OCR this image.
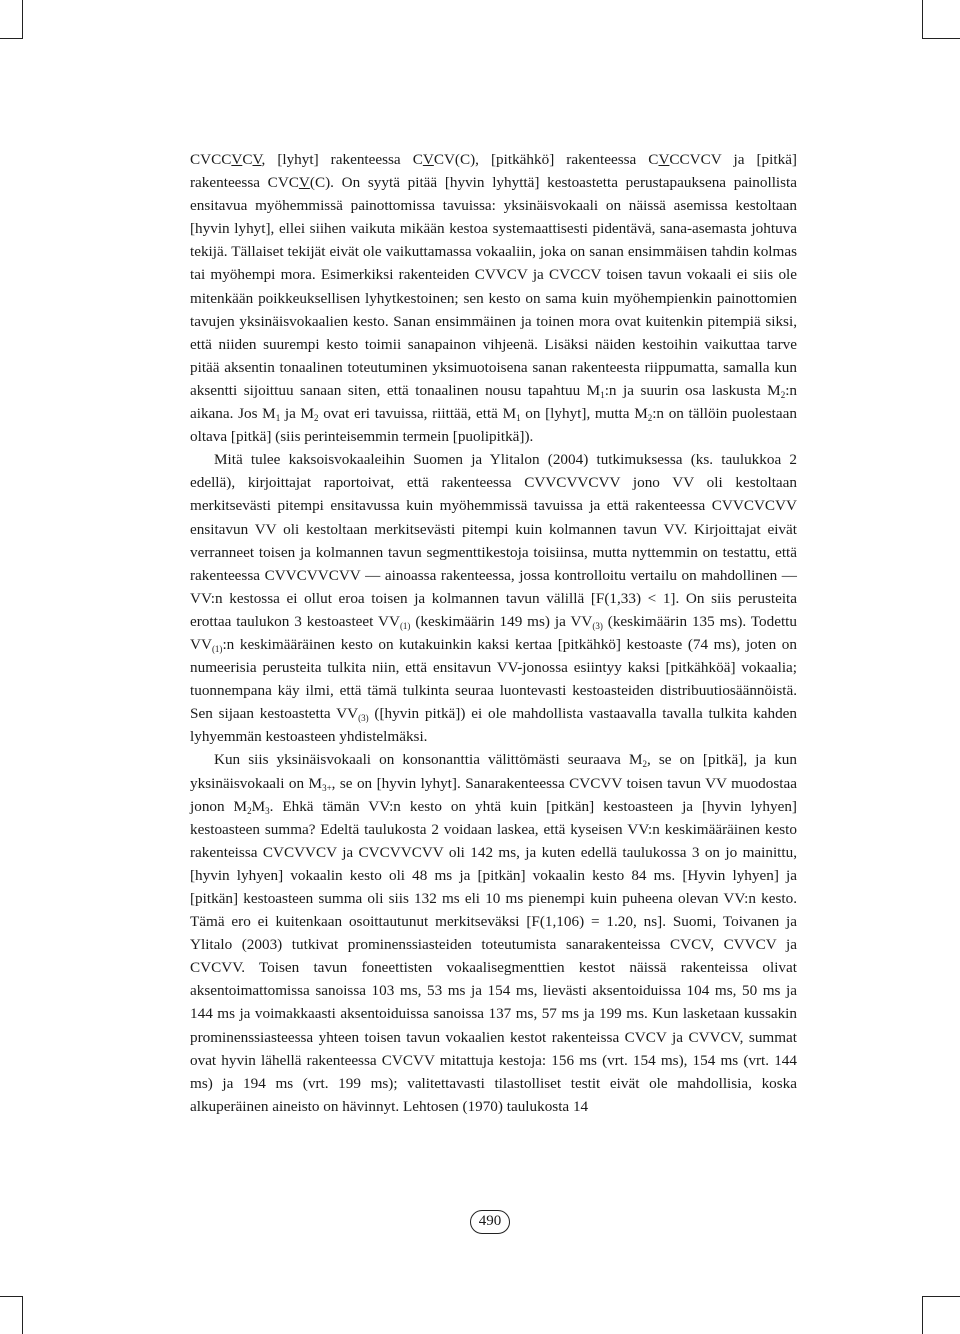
CVCCVCV, [lyhyt] rakenteessa CVCV(C), [pitkähkö] rakenteessa CVCCVCV ja [pitkä] rakenteessa CVCV(C). On syytä pitää [hyvin lyhyttä] kestoastetta perustapauksena painollista ensitavua myöhemmissä painottomissa tavuissa: yksinäisvokaali on näissä asemissa kestoltaan [hyvin lyhyt], ellei siihen vaikuta mikään kestoa systemaattisesti pidentävä, sana-asemasta johtuva tekijä. Tällaiset tekijät eivät ole vaikuttamassa vokaaliin, joka on sanan ensimmäisen tahdin kolmas tai myöhempi mora. Esimerkiksi rakenteiden CVVCV ja CVCCV toisen tavun vokaali ei siis ole mitenkään poikkeuksellisen lyhytkestoinen; sen kesto on sama kuin myöhempienkin painottomien tavujen yksinäisvokaalien kesto. Sanan ensimmäinen ja toinen mora ovat kuitenkin pitempiä siksi, että niiden suurempi kesto toimii sanapainon vihjeenä. Lisäksi näiden kestoihin vaikuttaa tarve pitää aksentin tonaalinen toteutuminen yksimuotoisena sanan rakenteesta riippumatta, samalla kun aksentti sijoittuu sanaan siten, että tonaalinen nousu tapahtuu $M_1:n$ ja suurin osa laskusta $M_2:n$ aikana. Jos $M_1$ ja $M_2$ ovat eri tavuissa, riittää, että $M_1$ on [lyhyt], mutta $M_2:n$ on tällöin puolestaan oltava [pitkä] (siis perinteisemmin termein [puolipitkä]).

Mitä tulee kaksoisvokaaleihin Suomen ja Ylitalon (2004) tutkimuksessa (ks. taulukkoa 2 edellä), kirjoittajat raportoivat, että rakenteessa CVVCVVCVV jono VV oli kestoltaan merkitsevästi pitempi ensitavussa kuin myöhemmissä tavuissa ja että rakenteessa CVVCVCVV ensitavun VV oli kestoltaan merkitsevästi pitempi kuin kolmannen tavun VV. Kirjoittajat eivät verranneet toisen ja kolmannen tavun segmenttikestoja toisiinsa, mutta nyttemmin on testattu, että rakenteessa CVVCVVCVV — ainoassa rakenteessa, jossa kontrolloitu vertailu on mahdollinen — VV:n kestossa ei ollut eroa toisen ja kolmannen tavun välillä [F(1,33) < 1]. On siis perusteita erottaa taulukon 3 kestoasteet $VV_{(1)}$ (keskimäärin 149 ms) ja $VV_{(3)}$ (keskimäärin 135 ms). Todettu $VV_{(1)}:n$ keskimääräinen kesto on kutakuinkin kaksi kertaa [pitkähkö] kestoaste (74 ms), joten on numeerisia perusteita tulkita niin, että ensitavun VV-jonossa esiintyy kaksi [pitkähköä] vokaalia; tuonnempana käy ilmi, että tämä tulkinta seuraa luontevasti kestoasteiden distribuutiosäännöistä. Sen sijaan kestoastetta $VV_{(3)}$ ([hyvin pitkä]) ei ole mahdollista vastaavalla tavalla tulkita kahden lyhyemmän kestoasteen yhdistelmäksi.

Kun siis yksinäisvokaali on konsonanttia välittömästi seuraava $M_2$, se on [pitkä], ja kun yksinäisvokaali on $M_{3+}$, se on [hyvin lyhyt]. Sanarakenteessa CVCVV toisen tavun VV muodostaa jonon $M_2M_3$. Ehkä tämän VV:n kesto on yhtä kuin [pitkän] kestoasteen ja [hyvin lyhyen] kestoasteen summa? Edeltä taulukosta 2 voidaan laskea, että kyseisen VV:n keskimääräinen kesto rakenteissa CVCVVCV ja CVCVVCVV oli 142 ms, ja kuten edellä taulukossa 3 on jo mainittu, [hyvin lyhyen] vokaalin kesto oli 48 ms ja [pitkän] vokaalin kesto 84 ms. [Hyvin lyhyen] ja [pitkän] kestoasteen summa oli siis 132 ms eli 10 ms pienempi kuin puheena olevan VV:n kesto. Tämä ero ei kuitenkaan osoittautunut merkitseväksi [F(1,106) = 1.20, ns]. Suomi, Toivanen ja Ylitalo (2003) tutkivat prominenssiasteiden toteutumista sanarakenteissa CVCV, CVVCV ja CVCVV. Toisen tavun foneettisten vokaalisegmenttien kestot näissä rakenteissa olivat aksentoimattomissa sanoissa 103 ms, 53 ms ja 154 ms, lievästi aksentoiduissa 104 ms, 50 ms ja 144 ms ja voimakkaasti aksentoiduissa sanoissa 137 ms, 57 ms ja 199 ms. Kun lasketaan kussakin prominenssiasteessa yhteen toisen tavun vokaalien kestot rakenteissa CVCV ja CVVCV, summat ovat hyvin lähellä rakenteessa CVCVV mitattuja kestoja: 156 ms (vrt. 154 ms), 154 ms (vrt. 144 ms) ja 194 ms (vrt. 199 ms); valitettavasti tilastolliset testit eivät ole mahdollisia, koska alkuperäinen aineisto on hävinnyt. Lehtosen (1970) taulukosta 14

490
